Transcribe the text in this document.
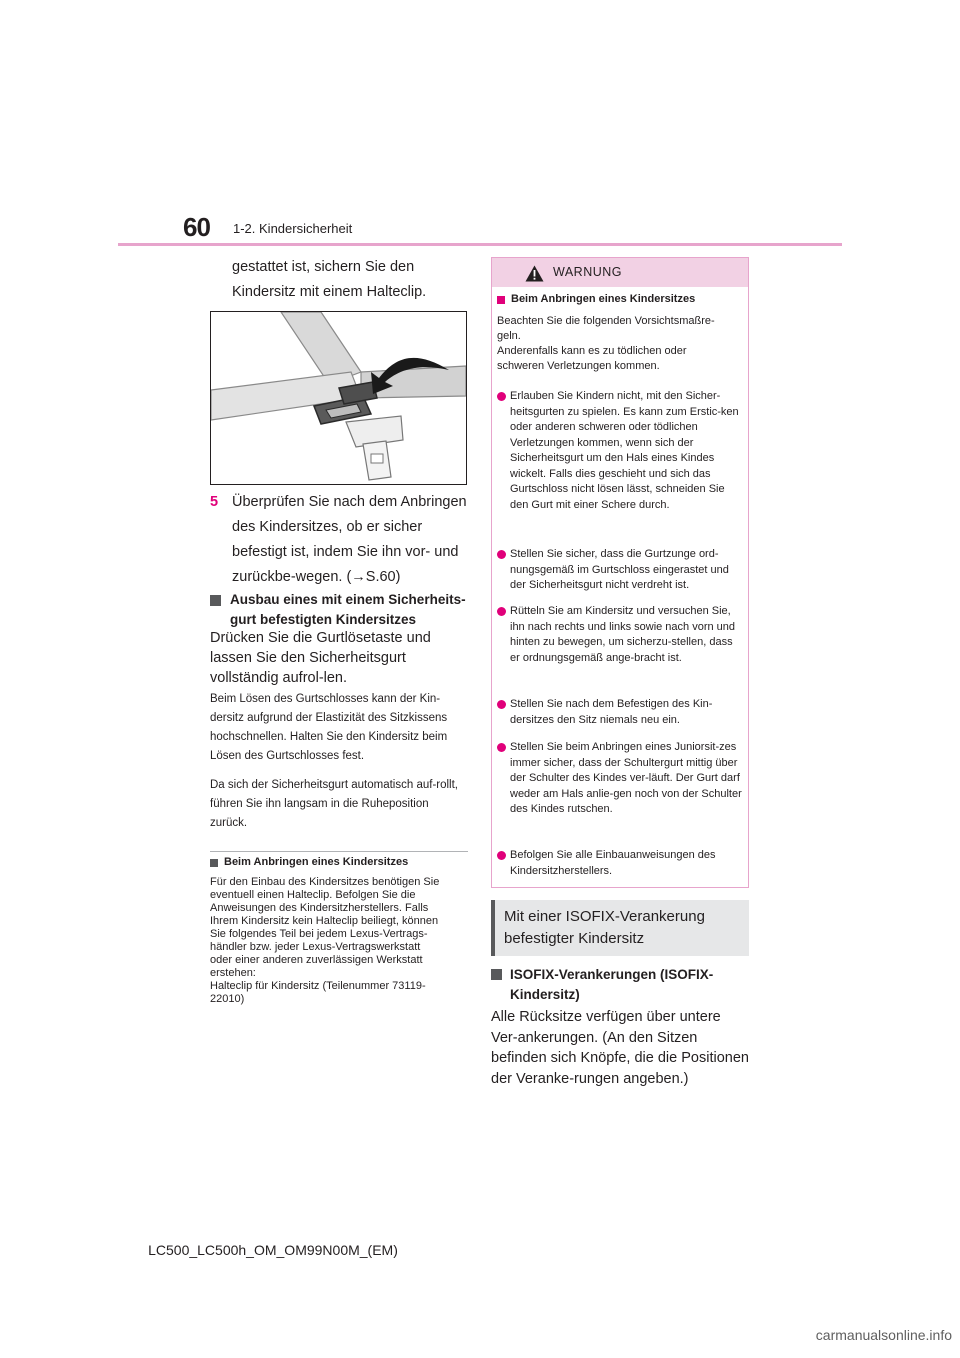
60 1-2. Kindersicherheit
gestattet ist, sichern Sie den Kindersitz mit einem Halteclip.
5 Überprüfen Sie nach dem Anbringen des Kindersitzes, ob er sicher befestigt ist, indem Sie ihn vor- und zurückbe-wegen. (→S.60)
Ausbau eines mit einem Sicherheits-gurt befestigten Kindersitzes
Drücken Sie die Gurtlösetaste und lassen Sie den Sicherheitsgurt vollständig aufrol-len.
Beim Lösen des Gurtschlosses kann der Kin-dersitz aufgrund der Elastizität des Sitzkissens hochschnellen. Halten Sie den Kindersitz beim Lösen des Gurtschlosses fest.
Da sich der Sicherheitsgurt automatisch auf-rollt, führen Sie ihn langsam in die Ruheposition zurück.
Beim Anbringen eines Kindersitzes
Für den Einbau des Kindersitzes benötigen Sie
eventuell einen Halteclip. Befolgen Sie die
Anweisungen des Kindersitzherstellers. Falls
Ihrem Kindersitz kein Halteclip beiliegt, können
Sie folgendes Teil bei jedem Lexus-Vertrags-
händler bzw. jeder Lexus-Vertragswerkstatt
oder einer anderen zuverlässigen Werkstatt
erstehen:
Halteclip für Kindersitz (Teilenummer 73119-
22010)
WARNUNG
Beim Anbringen eines Kindersitzes
Beachten Sie die folgenden Vorsichtsmaßre-
geln.
Anderenfalls kann es zu tödlichen oder
schweren Verletzungen kommen.
Erlauben Sie Kindern nicht, mit den Sicher-heitsgurten zu spielen. Es kann zum Erstic-ken oder anderen schweren oder tödlichen Verletzungen kommen, wenn sich der Sicherheitsgurt um den Hals eines Kindes wickelt. Falls dies geschieht und sich das Gurtschloss nicht lösen lässt, schneiden Sie den Gurt mit einer Schere durch.
Stellen Sie sicher, dass die Gurtzunge ord-nungsgemäß im Gurtschloss eingerastet und der Sicherheitsgurt nicht verdreht ist.
Rütteln Sie am Kindersitz und versuchen Sie, ihn nach rechts und links sowie nach vorn und hinten zu bewegen, um sicherzu-stellen, dass er ordnungsgemäß ange-bracht ist.
Stellen Sie nach dem Befestigen des Kin-dersitzes den Sitz niemals neu ein.
Stellen Sie beim Anbringen eines Juniorsit-zes immer sicher, dass der Schultergurt mittig über der Schulter des Kindes ver-läuft. Der Gurt darf weder am Hals anlie-gen noch von der Schulter des Kindes rutschen.
Befolgen Sie alle Einbauanweisungen des Kindersitzherstellers.
Mit einer ISOFIX-Verankerung befestigter Kindersitz
ISOFIX-Verankerungen (ISOFIX-Kindersitz)
Alle Rücksitze verfügen über untere Ver-ankerungen. (An den Sitzen befinden sich Knöpfe, die die Positionen der Veranke-rungen angeben.)
LC500_LC500h_OM_OM99N00M_(EM)
carmanualsonline.info
